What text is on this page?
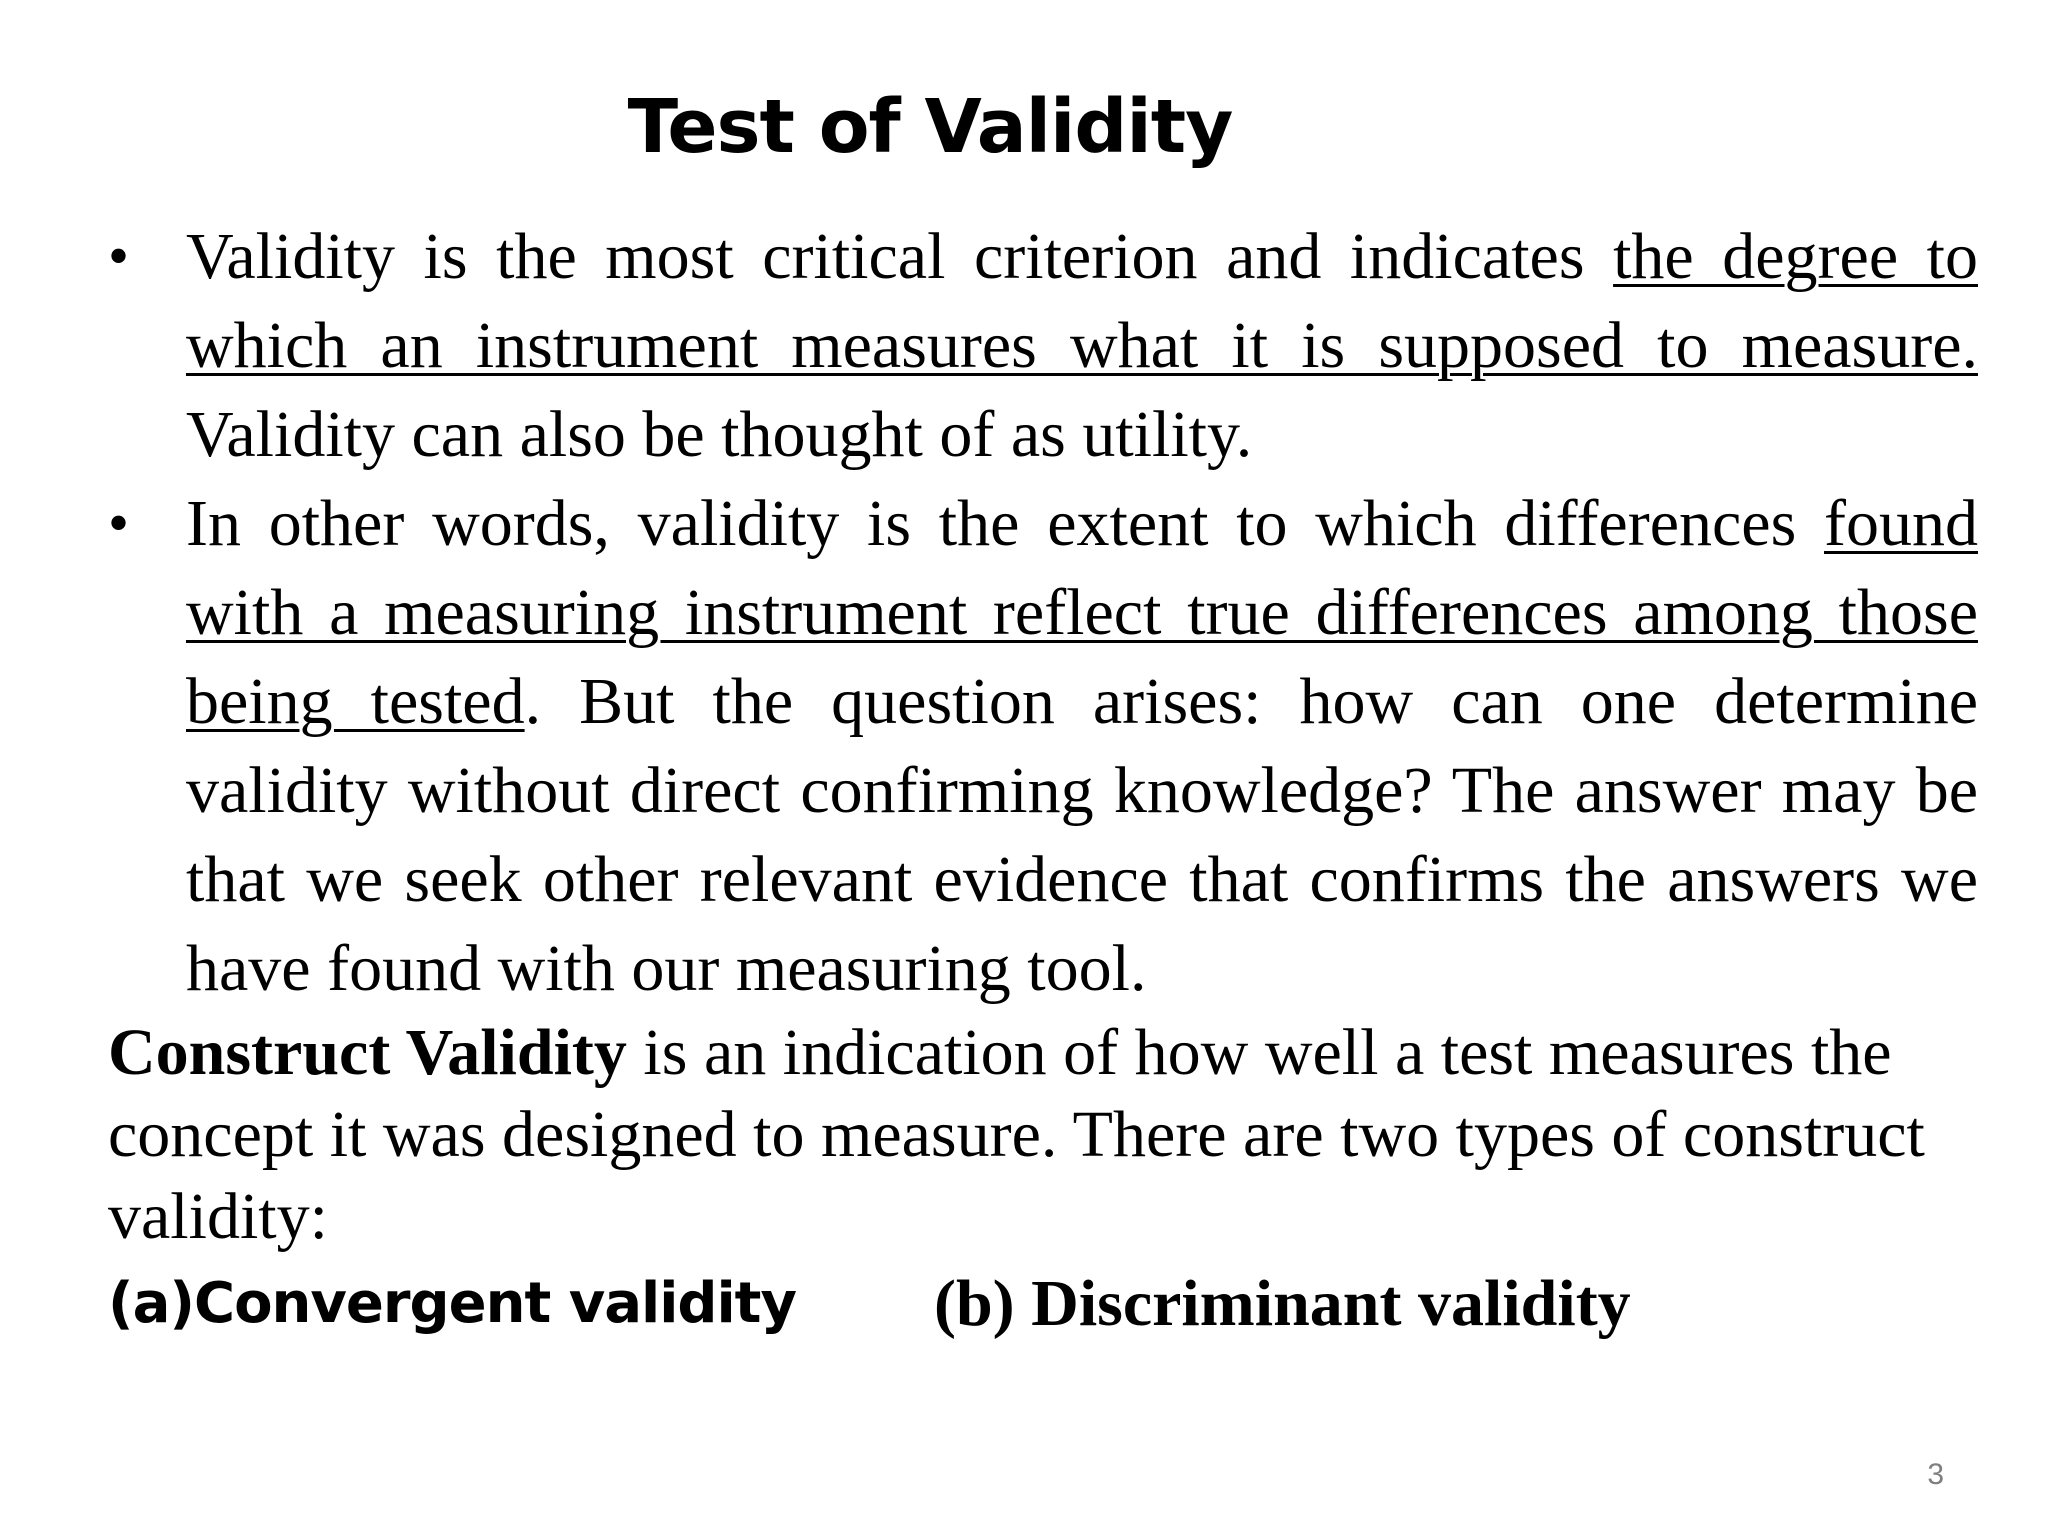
Test of Validity
• Validity is the most critical criterion and indicates the degree to which an instrument measures what it is supposed to measure. Validity can also be thought of as utility.
• In other words, validity is the extent to which differences found with a measuring instrument reflect true differences among those being tested. But the question arises: how can one determine validity without direct confirming knowledge? The answer may be that we seek other relevant evidence that confirms the answers we have found with our measuring tool.

Construct Validity is an indication of how well a test measures the concept it was designed to measure. There are two types of construct validity:

(a)Convergent validity (b) Discriminant validity
3
